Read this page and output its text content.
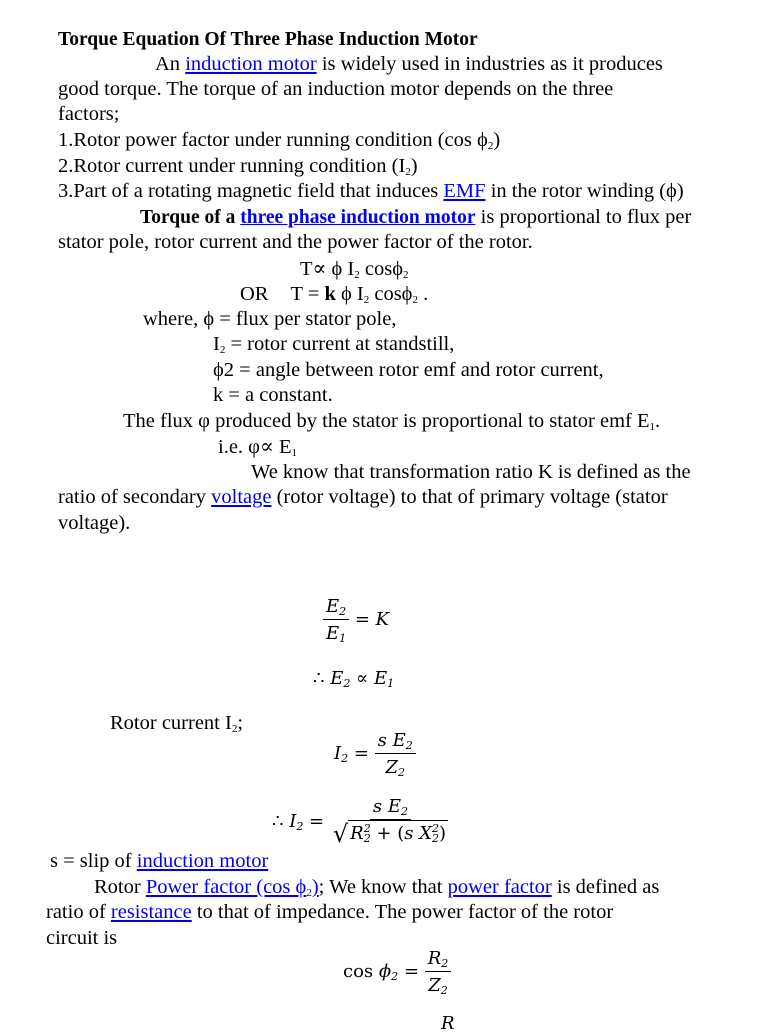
Torque Equation Of Three Phase Induction Motor
An induction motor is widely used in industries as it produces
good torque. The torque of an induction motor depends on the three
factors;
1.Rotor power factor under running condition (cos $\phi_2$)
2.Rotor current under running condition $(I_2)$
3.Part of a rotating magnetic field that induces EMF in the rotor winding (ϕ)
Torque of a three phase induction motor is proportional to flux per
stator pole, rotor current and the power factor of the rotor.
T∝ ϕ $I_2$ cosϕ$_2$
OR T = k ϕ $I_2$ cosϕ$_2$ .
where, ϕ = flux per stator pole,
$I_2$ = rotor current at standstill,
ϕ2 = angle between rotor emf and rotor current,
k = a constant.
The flux φ produced by the stator is proportional to stator emf $E_1$.
i.e. $\varphi\propto E_1$
We know that transformation ratio K is defined as the
ratio of secondary voltage (rotor voltage) to that of primary voltage (stator
voltage).
$\frac{E_2}{E_1} = K$
∴ $E_2 \propto E_1$
Rotor current $I_2$;
$I_2 = \frac{s E_2}{Z_2}$
∴ $I_2 = \frac{s E_2}{√ R^2_2 + (s X^2_2)}$
s = slip of induction motor
Rotor Power factor (cos $\phi_2$); We know that power factor is defined as
ratio of resistance to that of impedance. The power factor of the rotor
circuit is
$\cos \phi_2 = \frac{R_2}{Z_2}$
R
